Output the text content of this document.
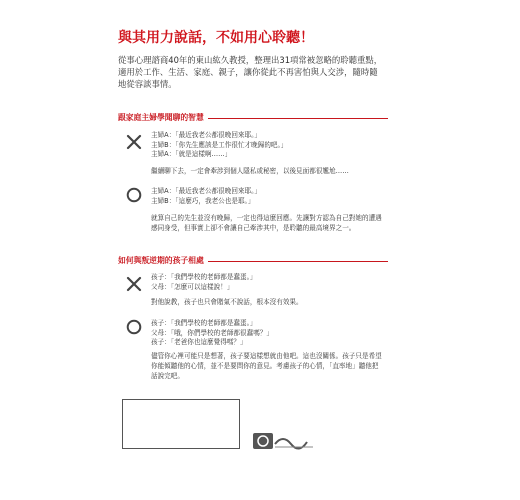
與其用力說話，不如用心聆聽！
從事心理諮商40年的東山紘久教授，整理出31項常被忽略的聆聽重點，適用於工作、生活、家庭、親子，讓你從此不再害怕與人交涉，隨時隨地從容談事情。
跟家庭主婦學聞聊的智慧
主婦A：「最近我老公都很晚回來耶。」
主婦B：「你先生應該是工作很忙才晚歸的吧。」
主婦A：「就是這樣啊……」
繼續聊下去，一定會牽涉到個人隱私或秘密，以後見面都很尷尬……
主婦A：「最近我老公都很晚回來耶。」
主婦B：「這麼巧，我老公也是耶。」
就算自己的先生並沒有晚歸，一定也得這麼回應。先讓對方認為自己對她的遭遇感同身受，但事實上卻不會讓自己牽涉其中，是聆聽的最高境界之一。
如何與叛逆期的孩子相處
孩子：「我們學校的老師都是蠢蛋。」
父母：「怎麼可以這樣說！」
對他說教，孩子也只會賭氣不說話，根本沒有效果。
孩子：「我們學校的老師都是蠢蛋。」
父母：「哦，你們學校的老師都很蠢嗎？」
孩子：「老爸你也這麼覺得嗎？」
儘管你心裡可能只是想著，孩子要這樣想就由他吧。這也沒關係。孩子只是希望你能傾聽他的心情，並不是要問你的意見。考慮孩子的心情，「直率地」聽他把話說完吧。
